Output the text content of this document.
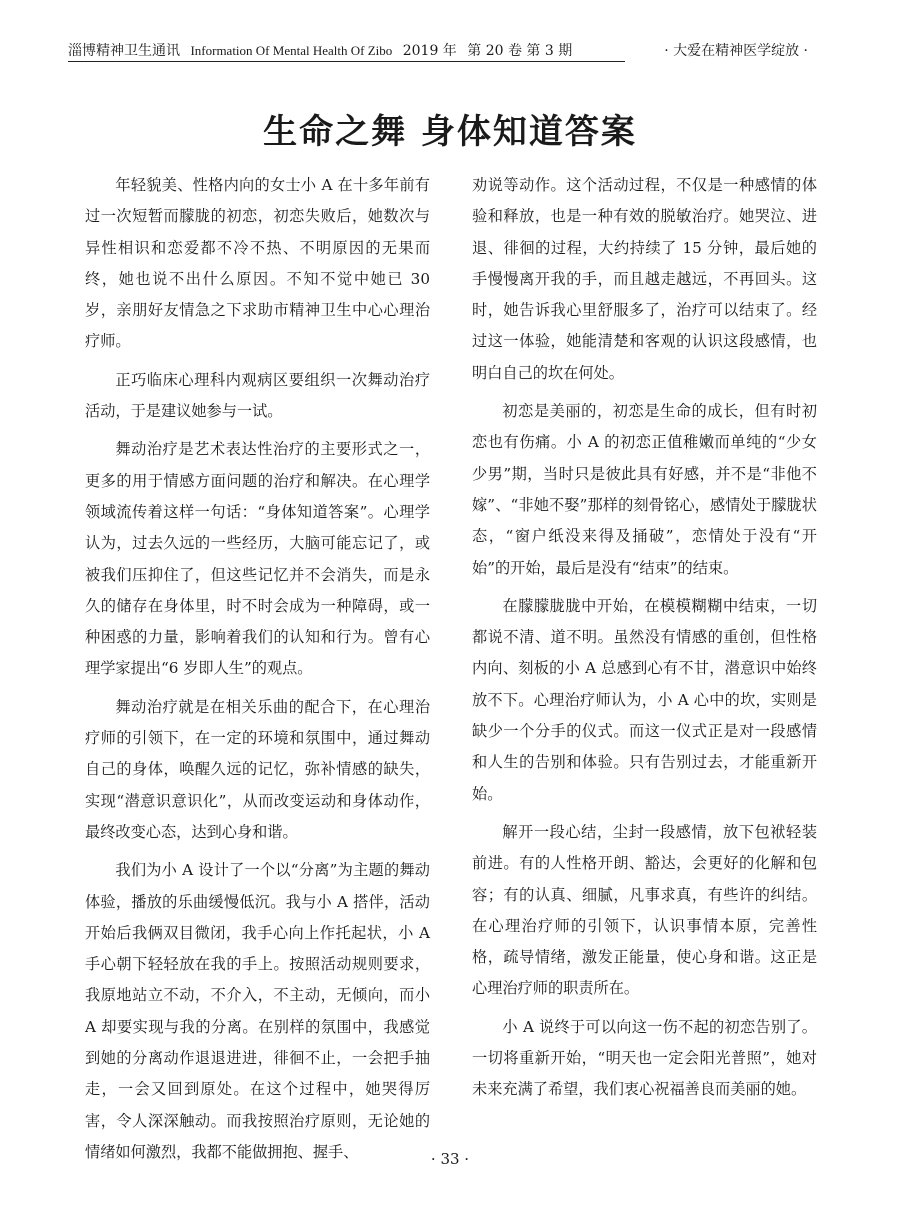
淄博精神卫生通讯 Information Of Mental Health Of Zibo 2019 年 第 20 卷 第 3 期	· 大爱在精神医学绽放 ·
生命之舞 身体知道答案

年轻貌美、性格内向的女士小 A 在十多年前有过一次短暂而朦胧的初恋，初恋失败后，她数次与异性相识和恋爱都不冷不热、不明原因的无果而终，她也说不出什么原因。不知不觉中她已 30 岁，亲朋好友情急之下求助市精神卫生中心心理治疗师。

正巧临床心理科内观病区要组织一次舞动治疗活动，于是建议她参与一试。

舞动治疗是艺术表达性治疗的主要形式之一，更多的用于情感方面问题的治疗和解决。在心理学领域流传着这样一句话：“身体知道答案”。心理学认为，过去久远的一些经历，大脑可能忘记了，或被我们压抑住了，但这些记忆并不会消失，而是永久的储存在身体里，时不时会成为一种障碍，或一种困惑的力量，影响着我们的认知和行为。曾有心理学家提出“6 岁即人生”的观点。

舞动治疗就是在相关乐曲的配合下，在心理治疗师的引领下，在一定的环境和氛围中，通过舞动自己的身体，唤醒久远的记忆，弥补情感的缺失，实现“潜意识意识化”，从而改变运动和身体动作，最终改变心态，达到心身和谐。

我们为小 A 设计了一个以“分离”为主题的舞动体验，播放的乐曲缓慢低沉。我与小 A 搭伴，活动开始后我俩双目微闭，我手心向上作托起状，小 A 手心朝下轻轻放在我的手上。按照活动规则要求，我原地站立不动，不介入，不主动，无倾向，而小 A 却要实现与我的分离。在别样的氛围中，我感觉到她的分离动作退退进进，徘徊不止，一会把手抽走，一会又回到原处。在这个过程中，她哭得厉害，令人深深触动。而我按照治疗原则，无论她的情绪如何激烈，我都不能做拥抱、握手、

劝说等动作。这个活动过程，不仅是一种感情的体验和释放，也是一种有效的脱敏治疗。她哭泣、进退、徘徊的过程，大约持续了 15 分钟，最后她的手慢慢离开我的手，而且越走越远，不再回头。这时，她告诉我心里舒服多了，治疗可以结束了。经过这一体验，她能清楚和客观的认识这段感情，也明白自己的坎在何处。

初恋是美丽的，初恋是生命的成长，但有时初恋也有伤痛。小 A 的初恋正值稚嫩而单纯的“少女少男”期，当时只是彼此具有好感，并不是“非他不嫁”、“非她不娶”那样的刻骨铭心，感情处于朦胧状态，“窗户纸没来得及捅破”，恋情处于没有“开始”的开始，最后是没有“结束”的结束。

在朦朦胧胧中开始，在模模糊糊中结束，一切都说不清、道不明。虽然没有情感的重创，但性格内向、刻板的小 A 总感到心有不甘，潜意识中始终放不下。心理治疗师认为，小 A 心中的坎，实则是缺少一个分手的仪式。而这一仪式正是对一段感情和人生的告别和体验。只有告别过去，才能重新开始。

解开一段心结，尘封一段感情，放下包袱轻装前进。有的人性格开朗、豁达，会更好的化解和包容；有的认真、细腻，凡事求真，有些许的纠结。在心理治疗师的引领下，认识事情本原，完善性格，疏导情绪，激发正能量，使心身和谐。这正是心理治疗师的职责所在。

小 A 说终于可以向这一伤不起的初恋告别了。一切将重新开始，“明天也一定会阳光普照”，她对未来充满了希望，我们衷心祝福善良而美丽的她。

· 33 ·
